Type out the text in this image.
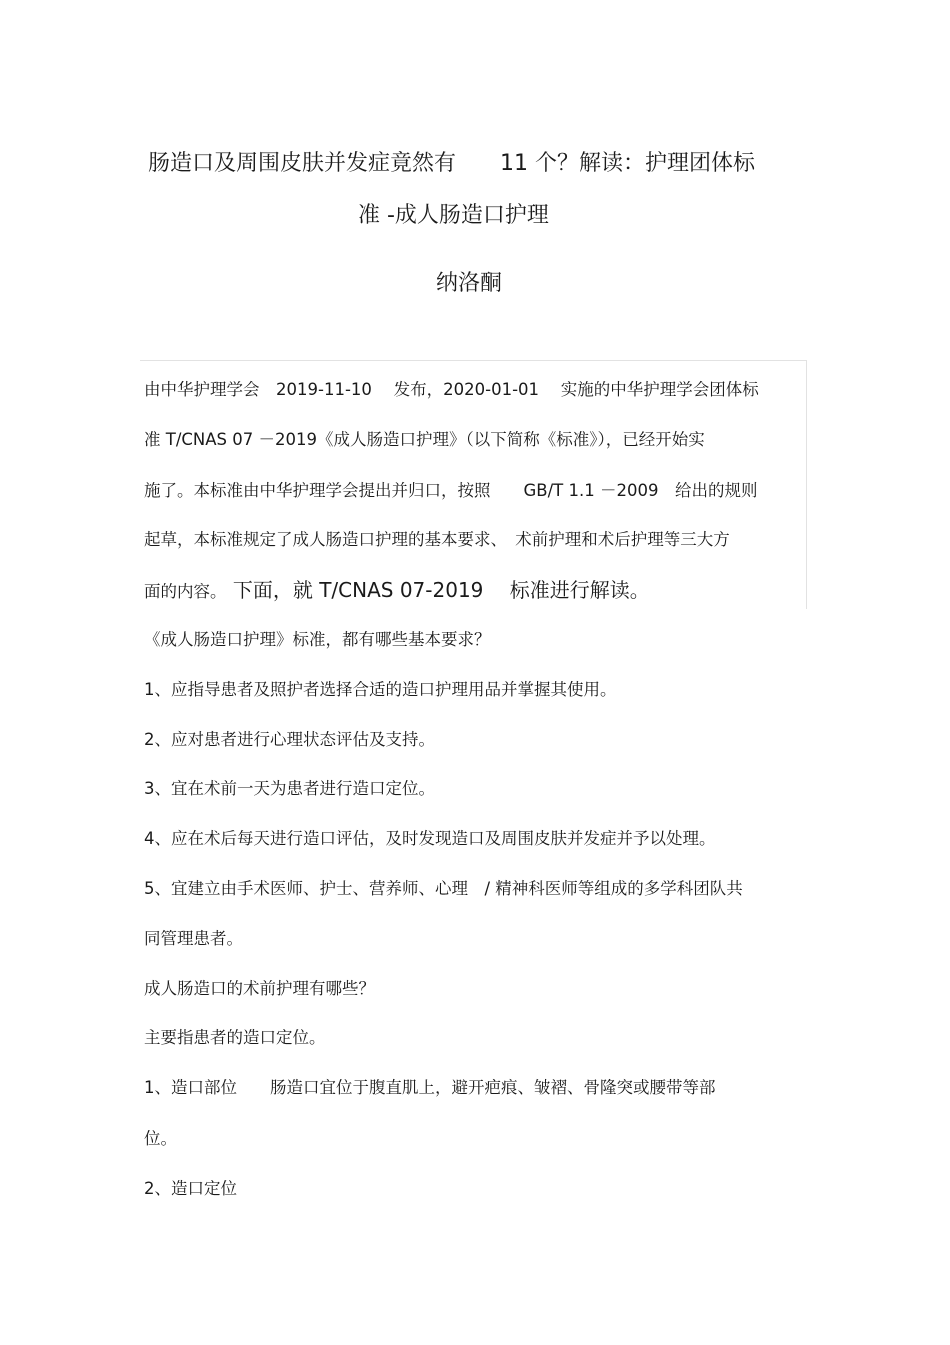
肠造口及周围皮肤并发症竟然有　　11 个？解读：护理团体标
准 -成人肠造口护理
纳洛酮
由中华护理学会　2019-11-10　 发布，2020-01-01　 实施的中华护理学会团体标
准 T/CNAS 07 －2019《成人肠造口护理》（以下简称《标准》），已经开始实
施了。本标准由中华护理学会提出并归口，按照　　GB/T 1.1 －2009　给出的规则
起草，本标准规定了成人肠造口护理的基本要求、　术前护理和术后护理等三大方
面的内容。 下面，就 T/CNAS 07-2019　 标准进行解读。
《成人肠造口护理》标准，都有哪些基本要求？
1、应指导患者及照护者选择合适的造口护理用品并掌握其使用。
2、应对患者进行心理状态评估及支持。
3、宜在术前一天为患者进行造口定位。
4、应在术后每天进行造口评估，及时发现造口及周围皮肤并发症并予以处理。
5、宜建立由手术医师、护士、营养师、心理　/ 精神科医师等组成的多学科团队共
同管理患者。
成人肠造口的术前护理有哪些？
主要指患者的造口定位。
1、造口部位　　肠造口宜位于腹直肌上，避开疤痕、皱褶、骨隆突或腰带等部
位。
2、造口定位
